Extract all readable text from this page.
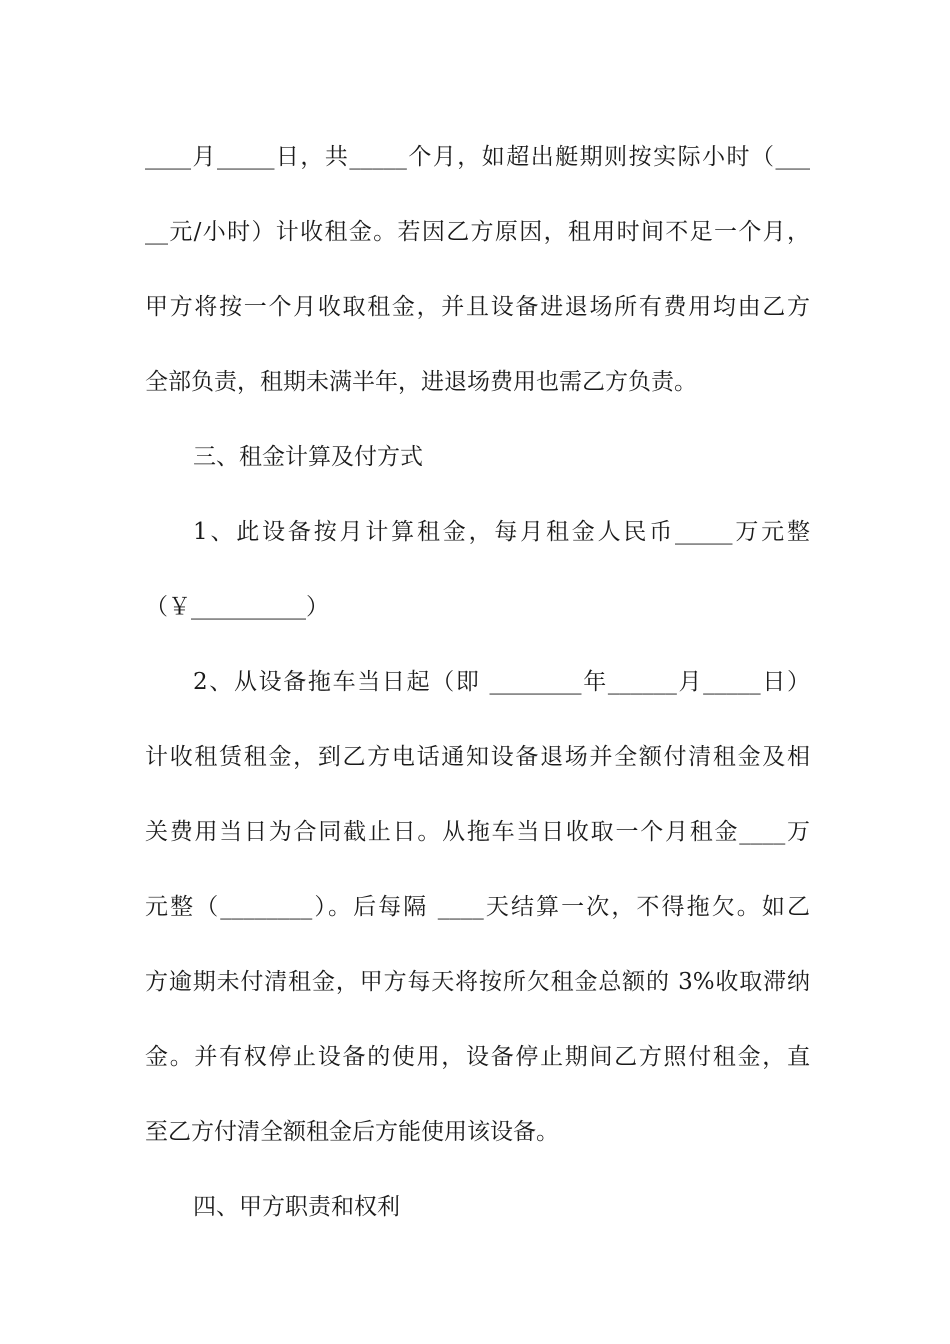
____月_____日，共_____个月，如超出艇期则按实际小时（___
__元/小时）计收租金。若因乙方原因，租用时间不足一个月，
甲方将按一个月收取租金，并且设备进退场所有费用均由乙方
全部负责，租期未满半年，进退场费用也需乙方负责。
三、租金计算及付方式
1、此设备按月计算租金，每月租金人民币_____万元整
（￥__________）
2、从设备拖车当日起（即 ________年______月_____日）
计收租赁租金，到乙方电话通知设备退场并全额付清租金及相
关费用当日为合同截止日。从拖车当日收取一个月租金____万
元整（________）。后每隔 ____天结算一次，不得拖欠。如乙
方逾期未付清租金，甲方每天将按所欠租金总额的 3%收取滞纳
金。并有权停止设备的使用，设备停止期间乙方照付租金，直
至乙方付清全额租金后方能使用该设备。
四、甲方职责和权利
